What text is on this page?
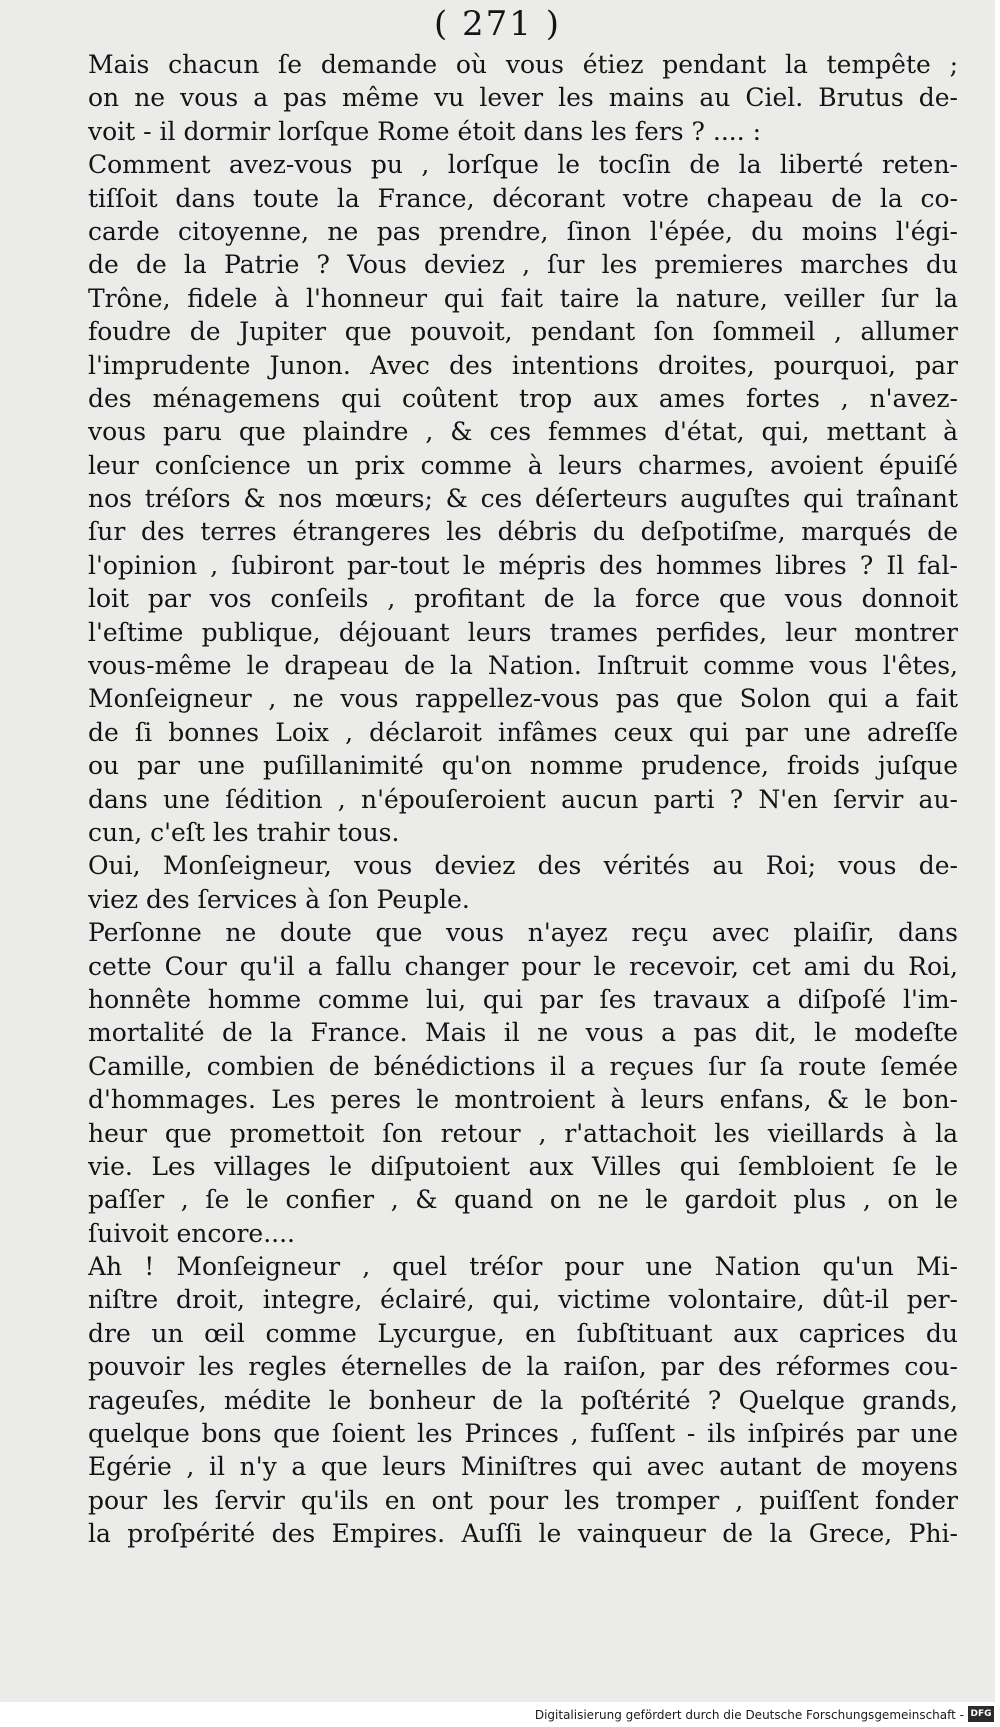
( 271 )
Mais chacun ſe demande où vous étiez pendant la tempête ;
on ne vous a pas même vu lever les mains au Ciel. Brutus de-
voit - il dormir lorſque Rome étoit dans les fers ? .... :
Comment avez-vous pu , lorſque le tocſin de la liberté reten-
tiſſoit dans toute la France, décorant votre chapeau de la co-
carde citoyenne, ne pas prendre, ſinon l'épée, du moins l'égi-
de de la Patrie ? Vous deviez , ſur les premieres marches du
Trône, fidele à l'honneur qui fait taire la nature, veiller ſur la
foudre de Jupiter que pouvoit, pendant ſon ſommeil , allumer
l'imprudente Junon. Avec des intentions droites, pourquoi, par
des ménagemens qui coûtent trop aux ames fortes , n'avez-
vous paru que plaindre , & ces femmes d'état, qui, mettant à
leur conſcience un prix comme à leurs charmes, avoient épuiſé
nos tréſors & nos mœurs; & ces déſerteurs auguſtes qui traînant
ſur des terres étrangeres les débris du deſpotiſme, marqués de
l'opinion , ſubiront par-tout le mépris des hommes libres ? Il fal-
loit par vos conſeils , profitant de la force que vous donnoit
l'eſtime publique, déjouant leurs trames perfides, leur montrer
vous-même le drapeau de la Nation. Inſtruit comme vous l'êtes,
Monſeigneur , ne vous rappellez-vous pas que Solon qui a fait
de ſi bonnes Loix , déclaroit infâmes ceux qui par une adreſſe
ou par une puſillanimité qu'on nomme prudence, froids juſque
dans une ſédition , n'épouſeroient aucun parti ? N'en ſervir au-
cun, c'eſt les trahir tous.
Oui, Monſeigneur, vous deviez des vérités au Roi; vous de-
viez des ſervices à ſon Peuple.
Perſonne ne doute que vous n'ayez reçu avec plaiſir, dans
cette Cour qu'il a fallu changer pour le recevoir, cet ami du Roi,
honnête homme comme lui, qui par ſes travaux a diſpoſé l'im-
mortalité de la France. Mais il ne vous a pas dit, le modeſte
Camille, combien de bénédictions il a reçues ſur ſa route ſemée
d'hommages. Les peres le montroient à leurs enfans, & le bon-
heur que promettoit ſon retour , r'attachoit les vieillards à la
vie. Les villages le diſputoient aux Villes qui ſembloient ſe le
paſſer , ſe le confier , & quand on ne le gardoit plus , on le
ſuivoit encore....
Ah ! Monſeigneur , quel tréſor pour une Nation qu'un Mi-
niſtre droit, integre, éclairé, qui, victime volontaire, dût-il per-
dre un œil comme Lycurgue, en ſubſtituant aux caprices du
pouvoir les regles éternelles de la raiſon, par des réformes cou-
rageuſes, médite le bonheur de la poſtérité ? Quelque grands,
quelque bons que ſoient les Princes , fuſſent - ils inſpirés par une
Egérie , il n'y a que leurs Miniſtres qui avec autant de moyens
pour les ſervir qu'ils en ont pour les tromper , puiſſent fonder
la proſpérité des Empires. Auſſi le vainqueur de la Grece, Phi-
Digitalisierung gefördert durch die Deutsche Forschungsgemeinschaft - DFG
